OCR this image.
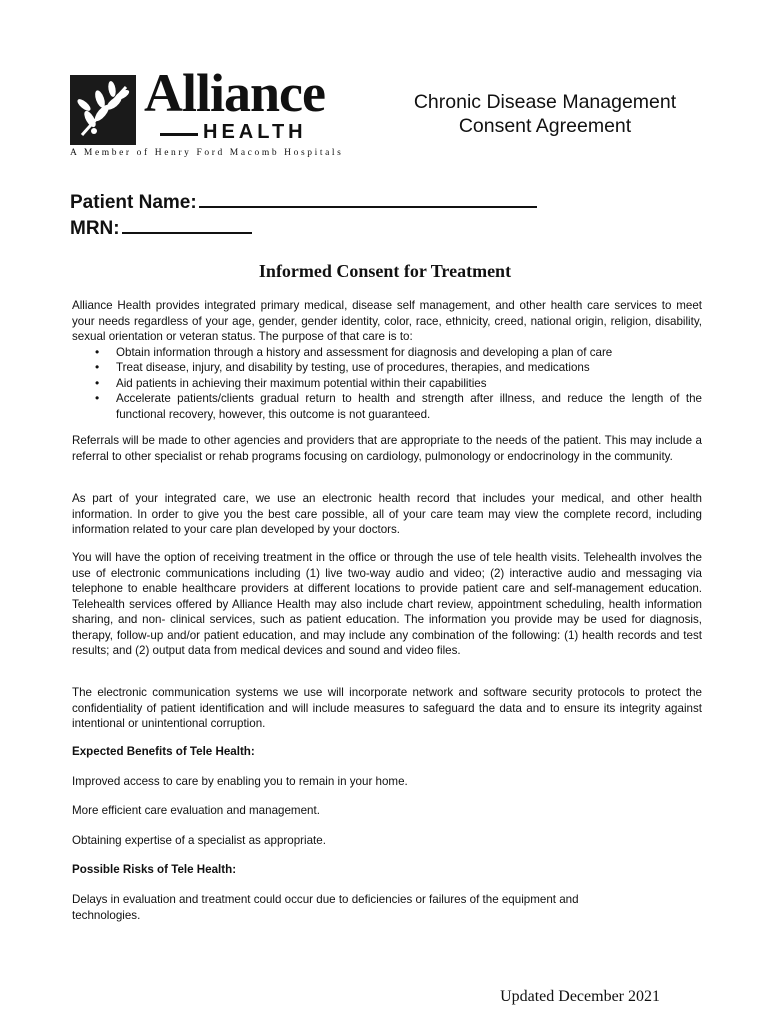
Alliance
HEALTH
A Member of Henry Ford Macomb Hospitals
Chronic Disease Management
Consent Agreement
Patient Name:
MRN:
Informed Consent for Treatment

Alliance Health provides integrated primary medical, disease self management, and other health care services to meet your needs regardless of your age, gender, gender identity, color, race, ethnicity, creed, national origin, religion, disability, sexual orientation or veteran status. The purpose of that care is to:

• Obtain information through a history and assessment for diagnosis and developing a plan of care
• Treat disease, injury, and disability by testing, use of procedures, therapies, and medications
• Aid patients in achieving their maximum potential within their capabilities
• Accelerate patients/clients gradual return to health and strength after illness, and reduce the length of the functional recovery, however, this outcome is not guaranteed.
Referrals will be made to other agencies and providers that are appropriate to the needs of the patient. This may include a referral to other specialist or rehab programs focusing on cardiology, pulmonology or endocrinology in the community.
As part of your integrated care, we use an electronic health record that includes your medical, and other health information. In order to give you the best care possible, all of your care team may view the complete record, including information related to your care plan developed by your doctors.
You will have the option of receiving treatment in the office or through the use of tele health visits. Telehealth involves the use of electronic communications including (1) live two-way audio and video; (2) interactive audio and messaging via telephone to enable healthcare providers at different locations to provide patient care and self-management education. Telehealth services offered by Alliance Health may also include chart review, appointment scheduling, health information sharing, and non- clinical services, such as patient education. The information you provide may be used for diagnosis, therapy, follow-up and/or patient education, and may include any combination of the following: (1) health records and test results; and (2) output data from medical devices and sound and video files.
The electronic communication systems we use will incorporate network and software security protocols to protect the confidentiality of patient identification and will include measures to safeguard the data and to ensure its integrity against intentional or unintentional corruption.
Expected Benefits of Tele Health:
Improved access to care by enabling you to remain in your home.
More efficient care evaluation and management.
Obtaining expertise of a specialist as appropriate.
Possible Risks of Tele Health:
Delays in evaluation and treatment could occur due to deficiencies or failures of the equipment and technologies.
Updated December 2021
